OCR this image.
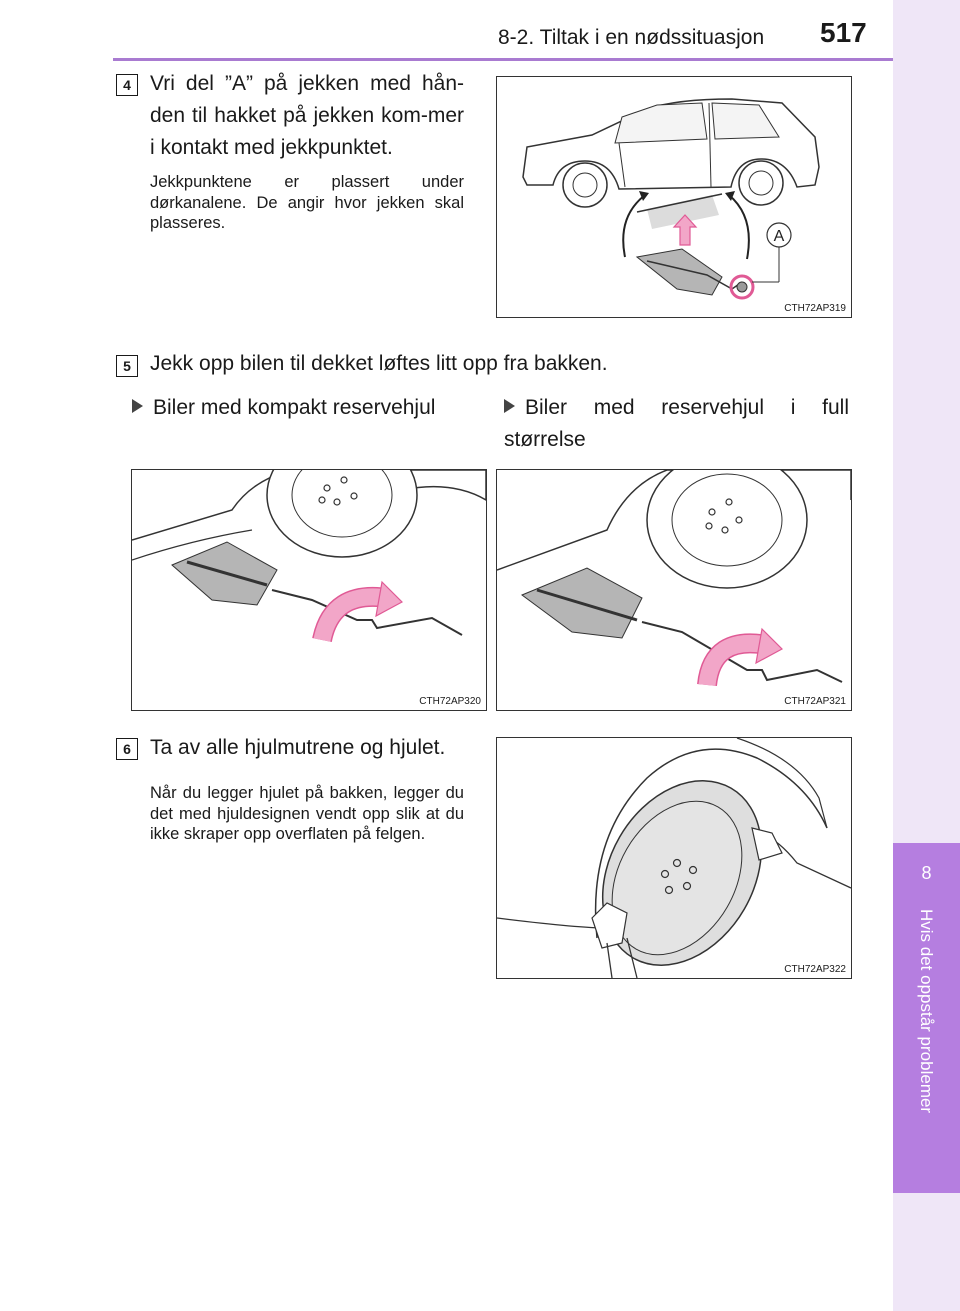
8-2. Tiltak i en nødssituasjon 517
8
Hvis det oppstår problemer
4 Vri del ”A” på jekken med hån-den til hakket på jekken kom-mer i kontakt med jekkpunktet.
Jekkpunktene er plassert under dørkanalene. De angir hvor jekken skal plasseres.
A
CTH72AP319
5 Jekk opp bilen til dekket løftes litt opp fra bakken.
Biler med kompakt reservehjul	Biler med reservehjul i full størrelse
CTH72AP320	CTH72AP321
6 Ta av alle hjulmutrene og hjulet.
Når du legger hjulet på bakken, legger du det med hjuldesignen vendt opp slik at du ikke skraper opp overflaten på felgen.
CTH72AP322
